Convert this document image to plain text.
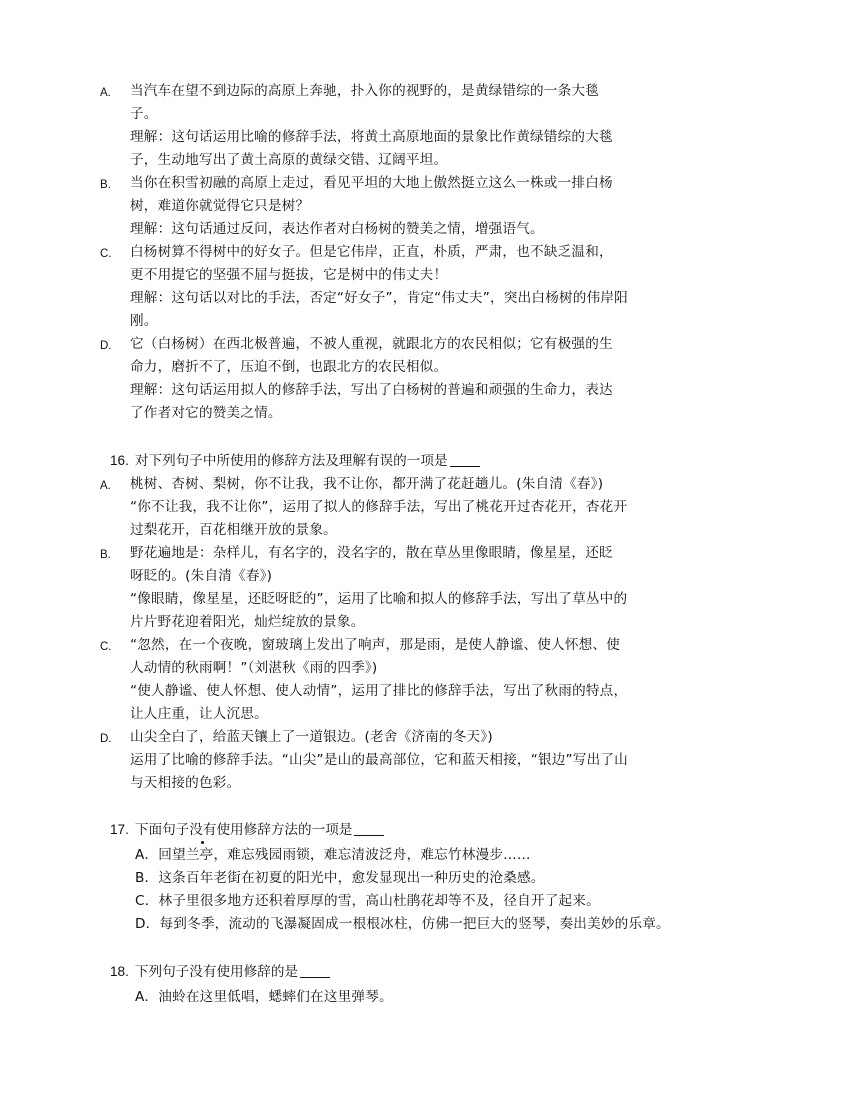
A. 当汽车在望不到边际的高原上奔驰，扑入你的视野的，是黄绿错综的一条大毯
子。
理解：这句话运用比喻的修辞手法，将黄土高原地面的景象比作黄绿错综的大毯
子，生动地写出了黄土高原的黄绿交错、辽阔平坦。
B. 当你在积雪初融的高原上走过，看见平坦的大地上傲然挺立这么一株或一排白杨
树，难道你就觉得它只是树？
理解：这句话通过反问，表达作者对白杨树的赞美之情，增强语气。
C. 白杨树算不得树中的好女子。但是它伟岸，正直，朴质，严肃，也不缺乏温和，
更不用提它的坚强不屈与挺拔，它是树中的伟丈夫！
理解：这句话以对比的手法，否定“好女子”，肯定“伟丈夫”，突出白杨树的伟岸阳
刚。
D. 它（白杨树）在西北极普遍，不被人重视，就跟北方的农民相似；它有极强的生
命力，磨折不了，压迫不倒，也跟北方的农民相似。
理解：这句话运用拟人的修辞手法，写出了白杨树的普遍和顽强的生命力，表达
了作者对它的赞美之情。
16. 对下列句子中所使用的修辞方法及理解有误的一项是
A. 桃树、杏树、梨树，你不让我，我不让你，都开满了花赶趟儿。(朱自清《春》)
“你不让我，我不让你”，运用了拟人的修辞手法，写出了桃花开过杏花开，杏花开
过梨花开，百花相继开放的景象。
B. 野花遍地是：杂样儿，有名字的，没名字的，散在草丛里像眼睛，像星星，还眨
呀眨的。(朱自清《春》)
“像眼睛，像星星，还眨呀眨的”，运用了比喻和拟人的修辞手法，写出了草丛中的
片片野花迎着阳光，灿烂绽放的景象。
C. “忽然，在一个夜晚，窗玻璃上发出了响声，那是雨，是使人静谧、使人怀想、使
人动情的秋雨啊！”（刘湛秋《雨的四季》)
“使人静谧、使人怀想、使人动情”，运用了排比的修辞手法，写出了秋雨的特点，
让人庄重，让人沉思。
D. 山尖全白了，给蓝天镶上了一道银边。(老舍《济南的冬天》)
运用了比喻的修辞手法。“山尖”是山的最高部位，它和蓝天相接，“银边”写出了山
与天相接的色彩。
17. 下面句子没有使用修辞方法的一项是
A．回望兰亭，难忘残园雨锁，难忘清波泛舟，难忘竹林漫步……
B．这条百年老街在初夏的阳光中，愈发显现出一种历史的沧桑感。
C．林子里很多地方还积着厚厚的雪，高山杜鹃花却等不及，径自开了起来。
D．每到冬季，流动的飞瀑凝固成一根根冰柱，仿佛一把巨大的竖琴，奏出美妙的乐章。
18. 下列句子没有使用修辞的是
A．油蛉在这里低唱，蟋蟀们在这里弹琴。
